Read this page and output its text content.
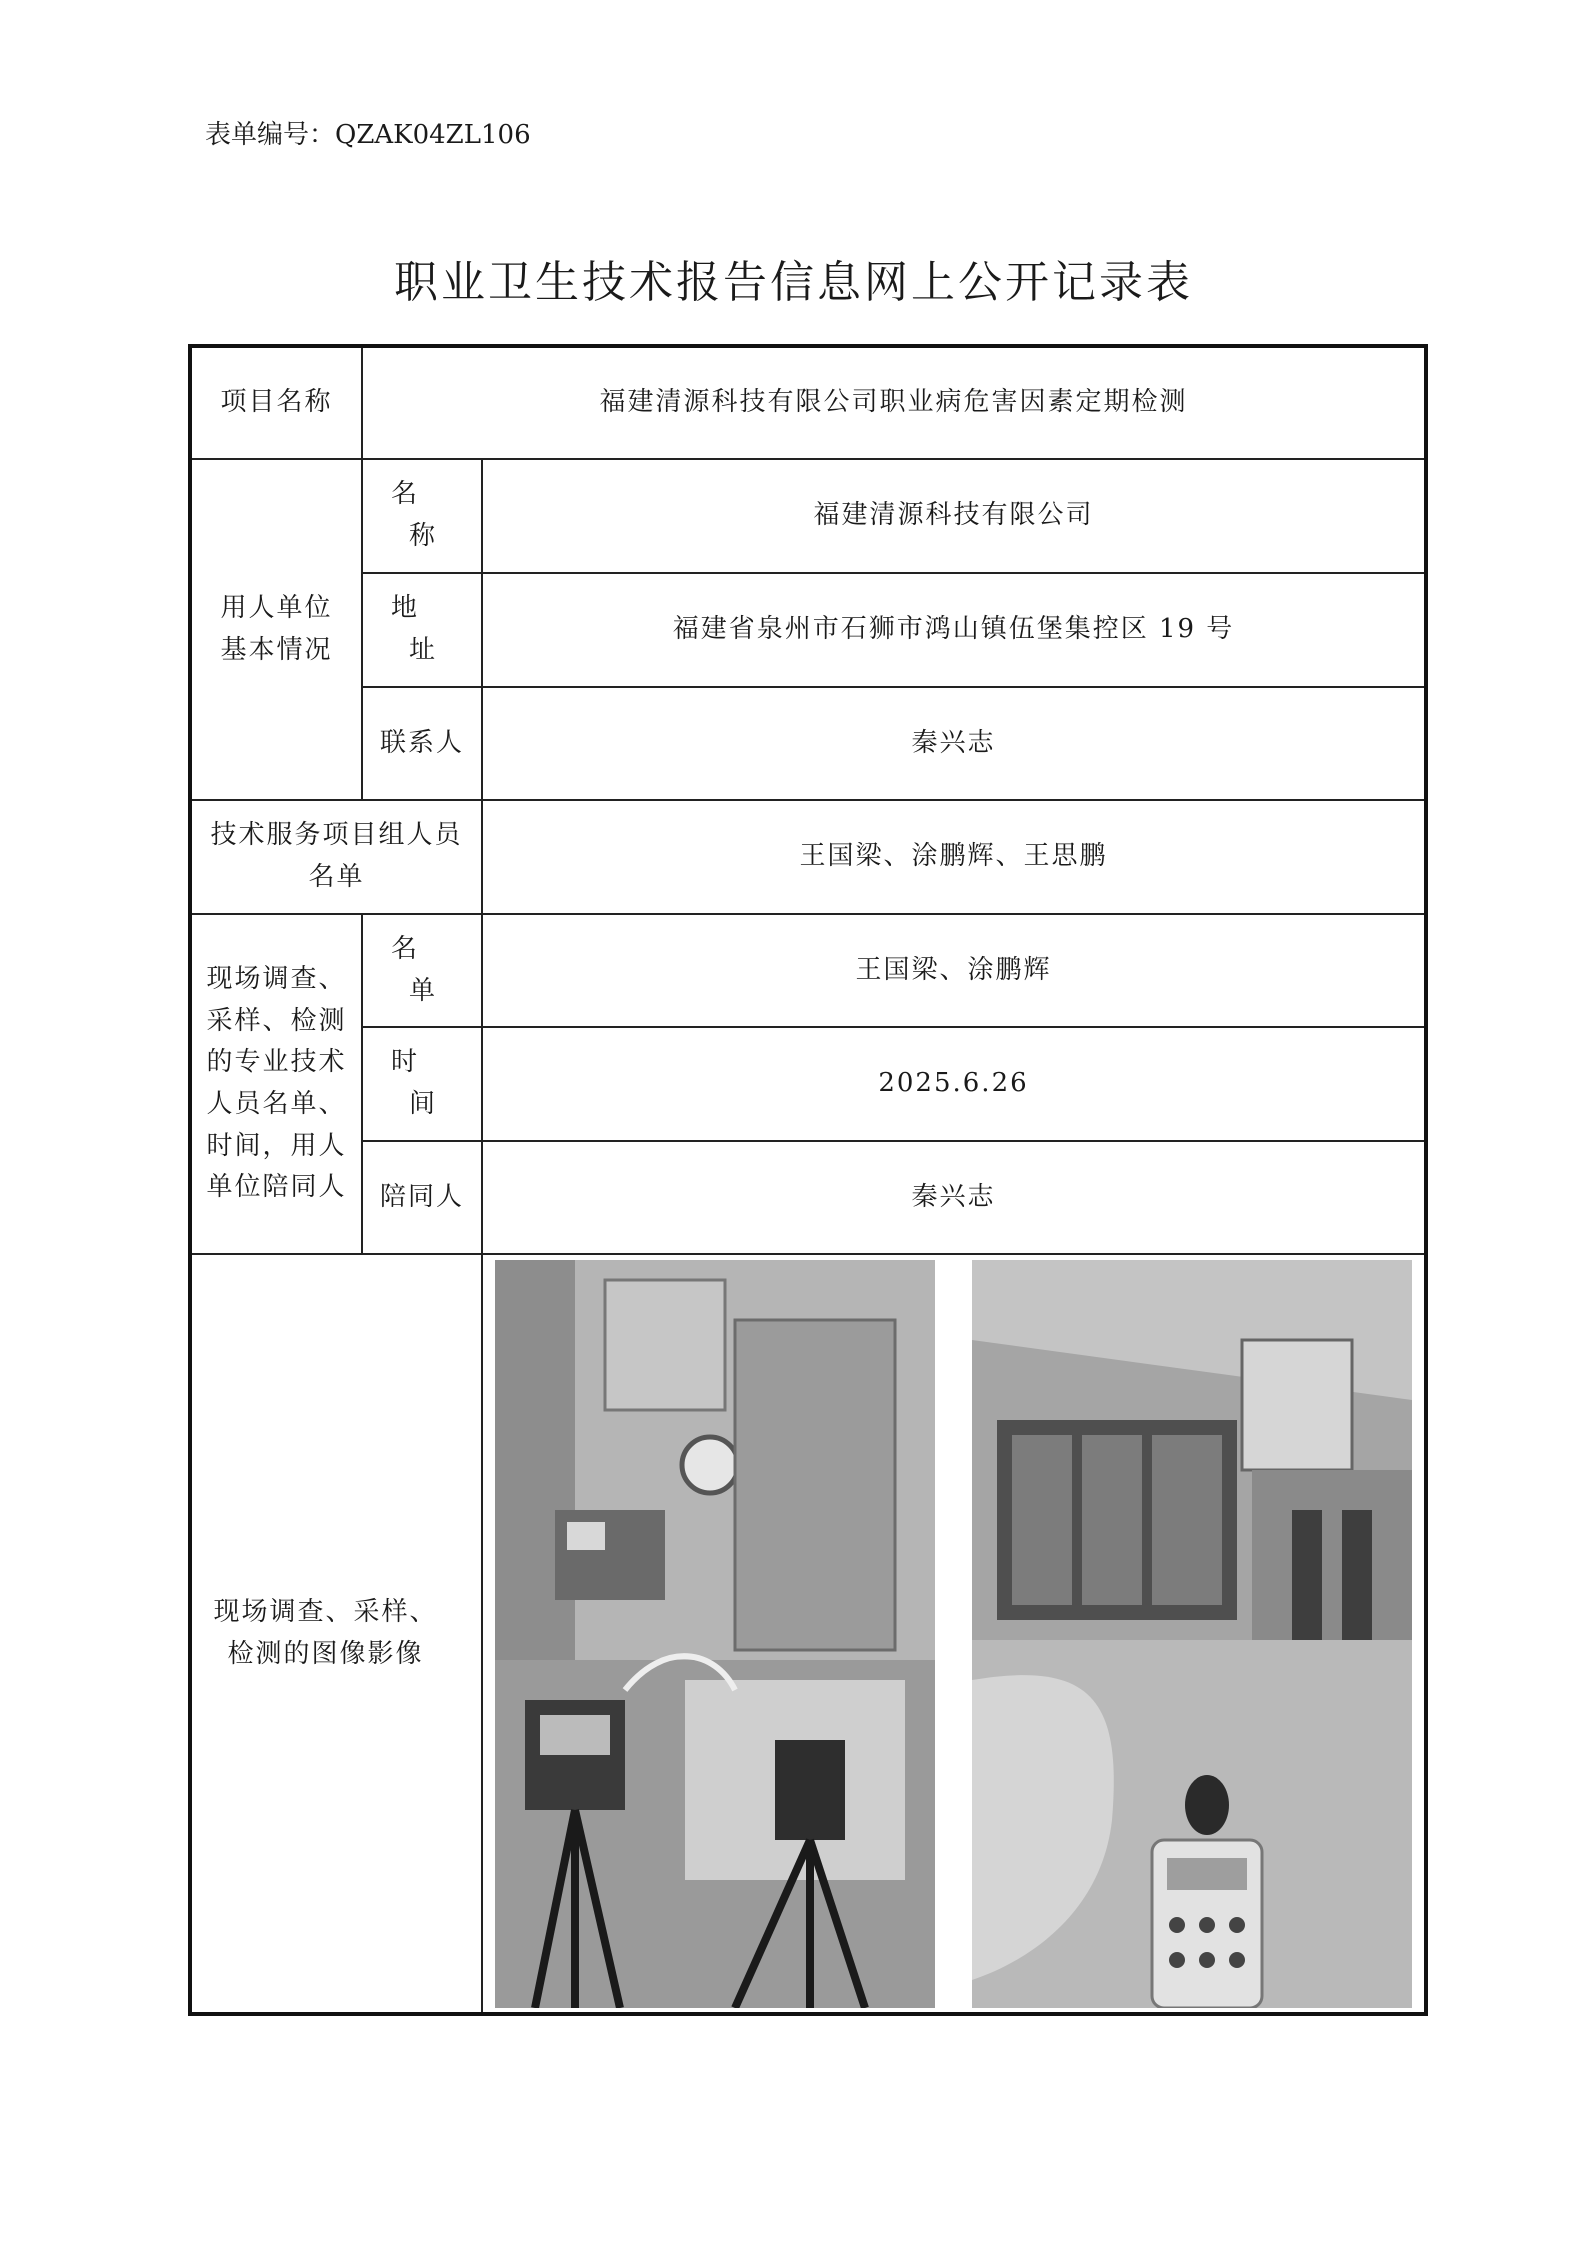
表单编号：QZAK04ZL106
职业卫生技术报告信息网上公开记录表
项目名称	福建清源科技有限公司职业病危害因素定期检测	
用人单位基本情况	名称	福建清源科技有限公司
	地址	福建省泉州市石狮市鸿山镇伍堡集控区 19 号
	联系人	秦兴志
技术服务项目组人员名单		王国梁、涂鹏辉、王思鹏
现场调查、采样、检测的专业技术人员名单、时间，用人单位陪同人	名单	王国梁、涂鹏辉
	时间	2025.6.26
	陪同人	秦兴志
现场调查、采样、检测的图像影像	
